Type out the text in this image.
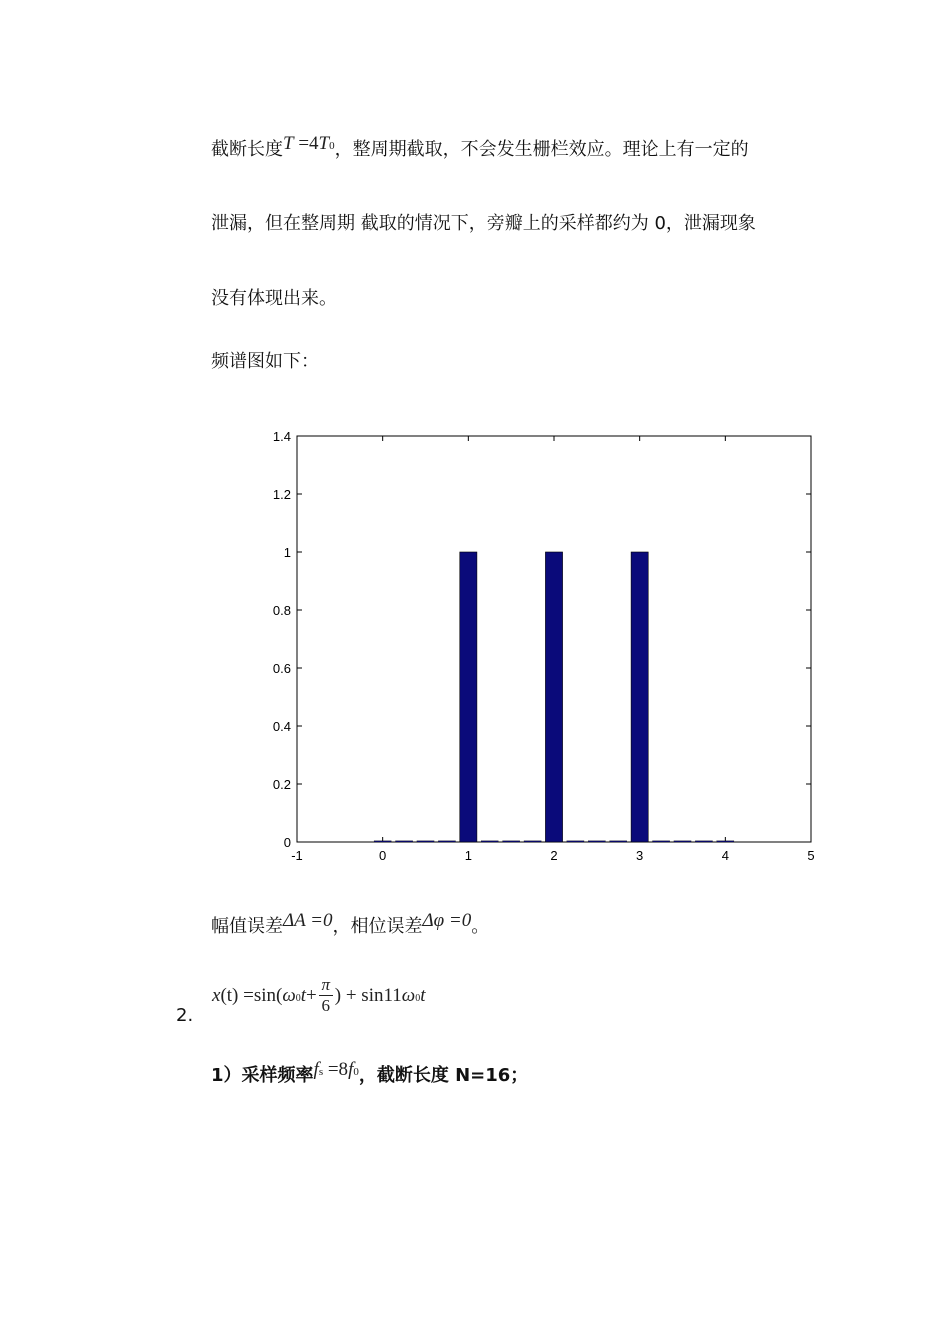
截断长度T =4T0，整周期截取，不会发生栅栏效应。理论上有一定的
泄漏，但在整周期 截取的情况下，旁瓣上的采样都约为 0，泄漏现象
没有体现出来。
频谱图如下：
-1	0	1	2	3	4	5
0
0.2
0.4
0.6
0.8
1
1.2
1.4
幅值误差ΔA =0，相位误差Δφ =0。
2.
x (t) =sin( ω 0 $t + \frac{\pi}{6}$ ) + sin11 ω 0 t
1）采样频率fs =8f0，截断长度 N=16；
